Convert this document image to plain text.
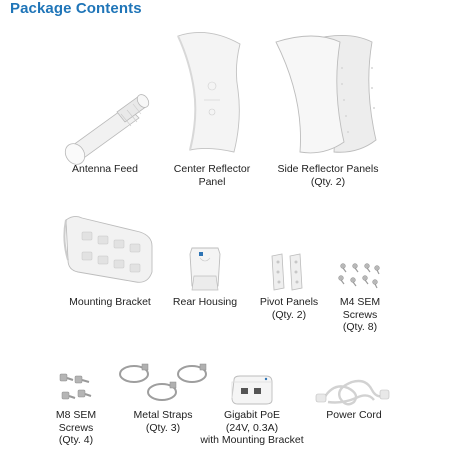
Package Contents
Antenna Feed	Center Reflector
Panel
Side Reflector Panels
(Qty. 2)
Mounting Bracket	Rear Housing	Pivot Panels
(Qty. 2)
M4 SEM
Screws
(Qty. 8)
M8 SEM
Screws
(Qty. 4)
Metal Straps
(Qty. 3)
Gigabit PoE
(24V, 0.3A)
with Mounting Bracket
Power Cord
